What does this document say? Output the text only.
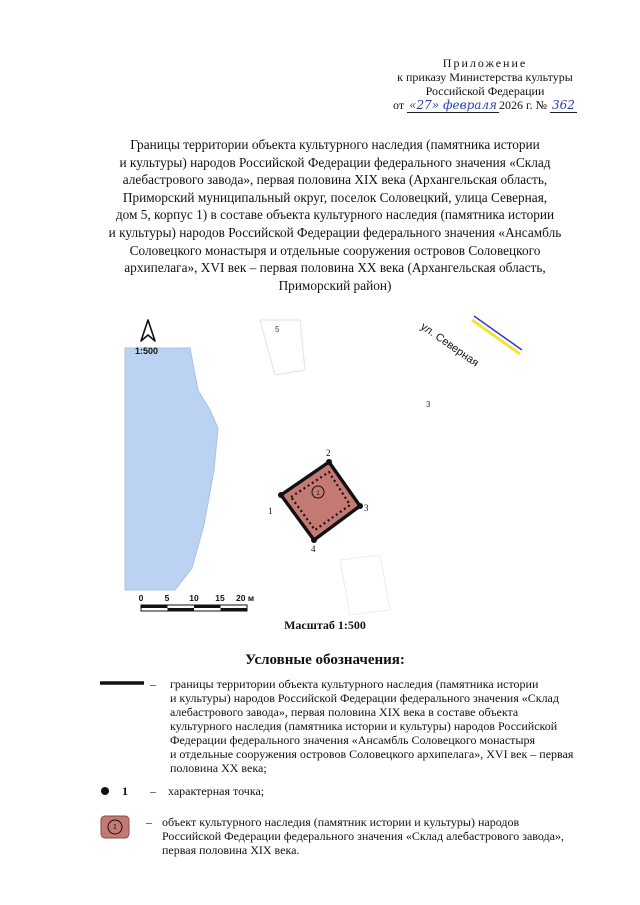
Приложение
к приказу Министерства культуры
Российской Федерации
от «27» февраля 2026 г. № 362
Границы территории объекта культурного наследия (памятника истории
и культуры) народов Российской Федерации федерального значения «Склад
алебастрового завода», первая половина XIX века (Архангельская область,
Приморский муниципальный округ, поселок Соловецкий, улица Северная,
дом 5, корпус 1) в составе объекта культурного наследия (памятника истории
и культуры) народов Российской Федерации федерального значения «Ансамбль
Соловецкого монастыря и отдельные сооружения островов Соловецкого
архипелага», XVI век – первая половина XX века (Архангельская область,
Приморский район)
1:500	ул. Северная
5
3
1
1
2
3
4
0	5 10 15 20 м
Масштаб 1:500
Условные обозначения:
– границы территории объекта культурного наследия (памятника истории
и культуры) народов Российской Федерации федерального значения «Склад
алебастрового завода», первая половина XIX века в составе объекта
культурного наследия (памятника истории и культуры) народов Российской
Федерации федерального значения «Ансамбль Соловецкого монастыря
и отдельные сооружения островов Соловецкого архипелага», XVI век – первая
половина XX века;
1 – характерная точка;
1 – объект культурного наследия (памятник истории и культуры) народов
Российской Федерации федерального значения «Склад алебастрового завода»,
первая половина XIX века.
